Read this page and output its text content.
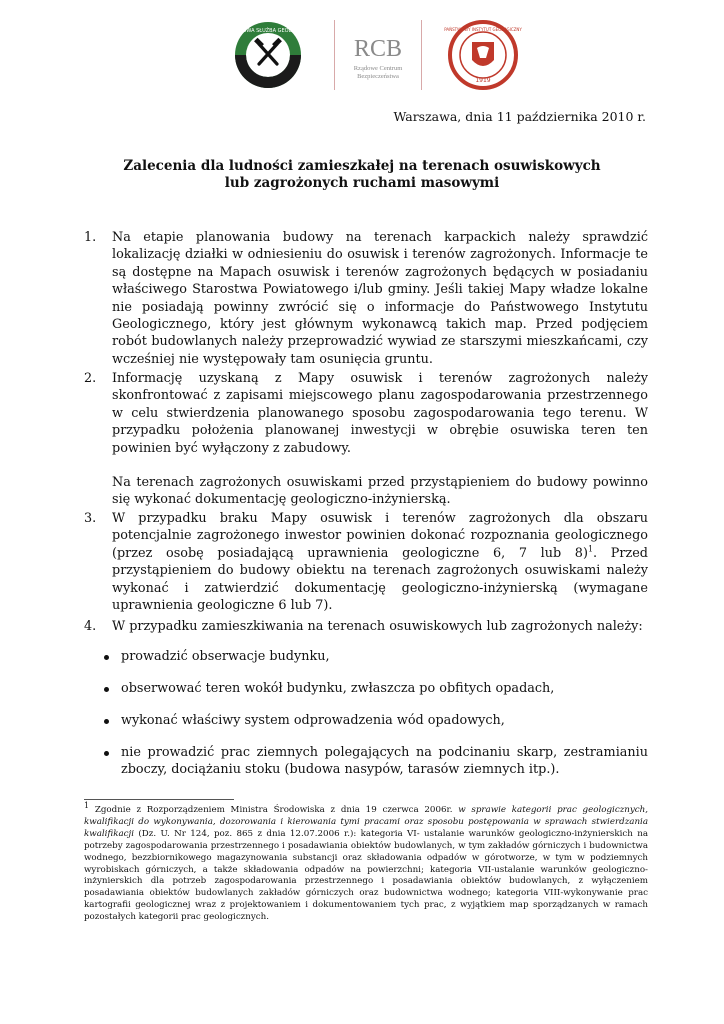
PAŃSTWOWA SŁUŻBA GEOLOGICZNA
RCB
Rządowe Centrum
Bezpieczeństwa
1919
PAŃSTWOWY INSTYTUT GEOLOGICZNY
Warszawa, dnia 11 października 2010 r.
Zalecenia dla ludności zamieszkałej na terenach osuwiskowych
lub zagrożonych ruchami masowymi
1.	Na etapie planowania budowy na terenach karpackich należy sprawdzić lokalizację działki w odniesieniu do osuwisk i terenów zagrożonych. Informacje te są dostępne na Mapach osuwisk i terenów zagrożonych będących w posiadaniu właściwego Starostwa Powiatowego i/lub gminy. Jeśli takiej Mapy władze lokalne nie posiadają powinny zwrócić się o informacje do Państwowego Instytutu Geologicznego, który jest głównym wykonawcą takich map. Przed podjęciem robót budowlanych należy przeprowadzić wywiad ze starszymi mieszkańcami, czy wcześniej nie występowały tam osunięcia gruntu.

2.	Informację uzyskaną z Mapy osuwisk i terenów zagrożonych należy skonfrontować z zapisami miejscowego planu zagospodarowania przestrzennego w celu stwierdzenia planowanego sposobu zagospodarowania tego terenu. W przypadku położenia planowanej inwestycji w obrębie osuwiska teren ten powinien być wyłączony z zabudowy.

Na terenach zagrożonych osuwiskami przed przystąpieniem do budowy powinno się wykonać dokumentację geologiczno-inżynierską.

3.	W przypadku braku Mapy osuwisk i terenów zagrożonych dla obszaru potencjalnie zagrożonego inwestor powinien dokonać rozpoznania geologicznego (przez osobę posiadającą uprawnienia geologiczne 6, 7 lub 8)$^1$. Przed przystąpieniem do budowy obiektu na terenach zagrożonych osuwiskami należy wykonać i zatwierdzić dokumentację geologiczno-inżynierską (wymagane uprawnienia geologiczne 6 lub 7).

4.	W przypadku zamieszkiwania na terenach osuwiskowych lub zagrożonych należy:

prowadzić obserwacje budynku,
obserwować teren wokół budynku, zwłaszcza po obfitych opadach,
wykonać właściwy system odprowadzenia wód opadowych,
nie prowadzić prac ziemnych polegających na podcinaniu skarp, zestramianiu zboczy, dociążaniu stoku (budowa nasypów, tarasów ziemnych itp.).
$^1$ Zgodnie z Rozporządzeniem Ministra Środowiska z dnia 19 czerwca 2006r. w sprawie kategorii prac geologicznych, kwalifikacji do wykonywania, dozorowania i kierowania tymi pracami oraz sposobu postępowania w sprawach stwierdzania kwalifikacji (Dz. U. Nr 124, poz. 865 z dnia 12.07.2006 r.): kategoria VI- ustalanie warunków geologiczno-inżynierskich na potrzeby zagospodarowania przestrzennego i posadawiania obiektów budowlanych, w tym zakładów górniczych i budownictwa wodnego, bezzbiornikowego magazynowania substancji oraz składowania odpadów w górotworze, w tym w podziemnych wyrobiskach górniczych, a także składowania odpadów na powierzchni; kategoria VII-ustalanie warunków geologiczno-inżynierskich dla potrzeb zagospodarowania przestrzennego i posadawiania obiektów budowlanych, z wyłączeniem posadawiania obiektów budowlanych zakładów górniczych oraz budownictwa wodnego; kategoria VIII-wykonywanie prac kartografii geologicznej wraz z projektowaniem i dokumentowaniem tych prac, z wyjątkiem map sporządzanych w ramach pozostałych kategorii prac geologicznych.
